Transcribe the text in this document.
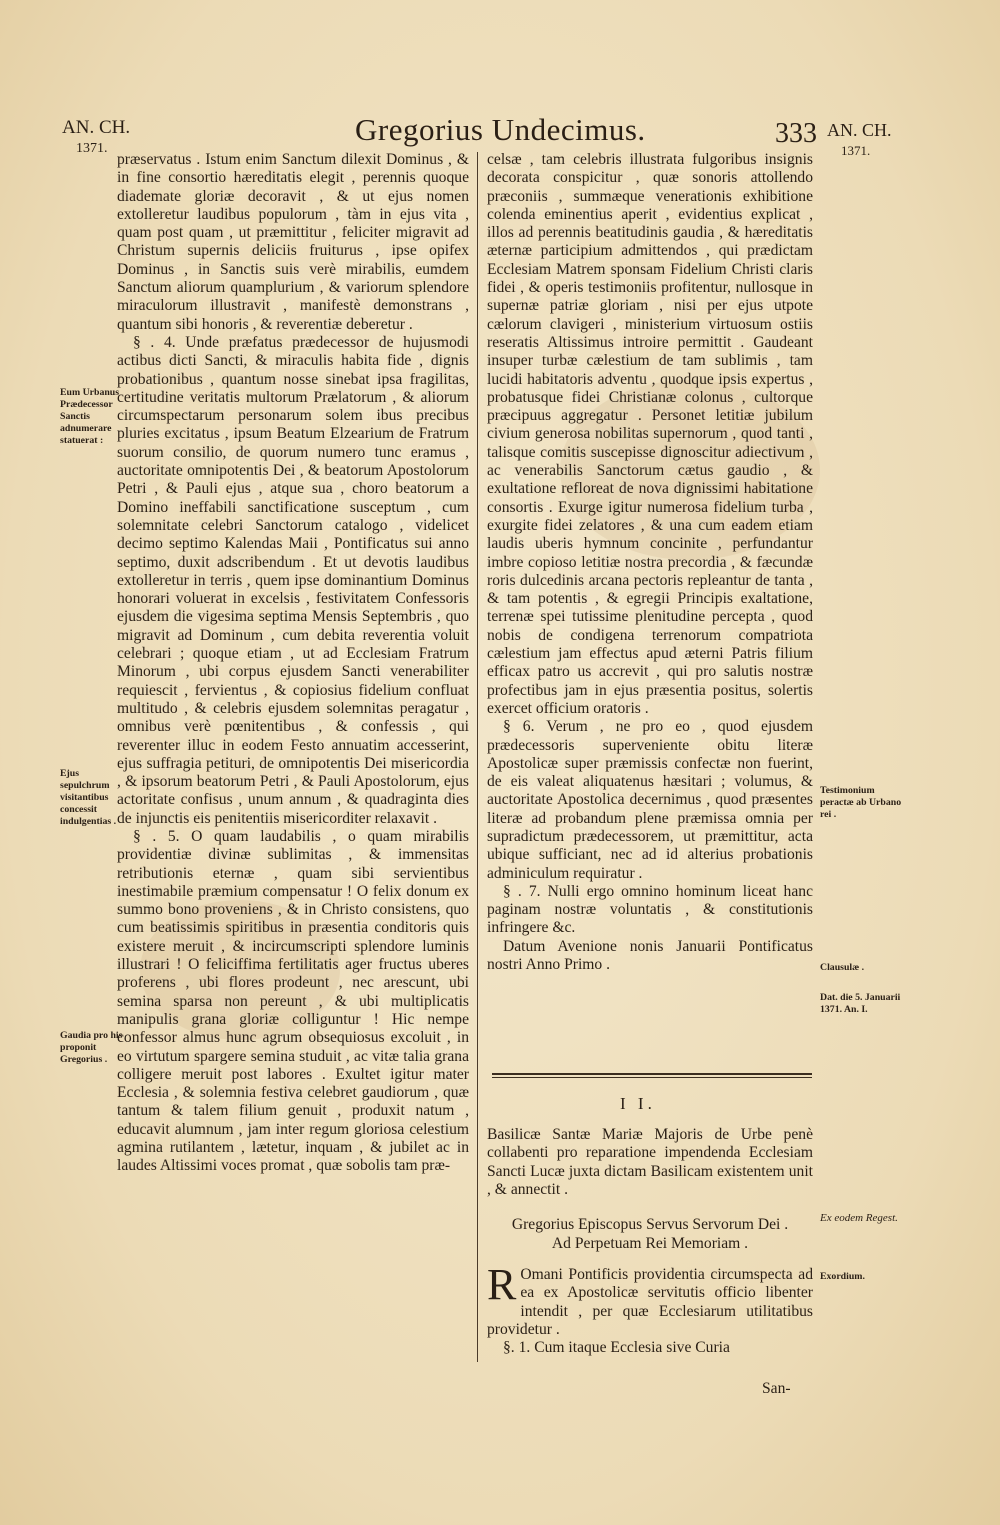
AN. CH.
1371.
Gregorius Undecimus.	333 AN. CH.
1371.

præservatus . Istum enim Sanctum dilexit Dominus , & in fine consortio hæreditatis elegit , perennis quoque diademate gloriæ decoravit , & ut ejus nomen extolleretur laudibus populorum , tàm in ejus vita , quam post quam , ut præmittitur , feliciter migravit ad Christum supernis deliciis fruiturus , ipse opifex Dominus , in Sanctis suis verè mirabilis, eumdem Sanctum aliorum quamplurium , & variorum splendore miraculorum illustravit , manifestè demonstrans , quantum sibi honoris , & reverentiæ deberetur .

§ . 4. Unde præfatus prædecessor de hujusmodi actibus dicti Sancti, & miraculis habita fide , dignis probationibus , quantum nosse sinebat ipsa fragilitas, certitudine veritatis multorum Prælatorum , & aliorum circumspectarum personarum solem ibus precibus pluries excitatus , ipsum Beatum Elzearium de Fratrum suorum consilio, de quorum numero tunc eramus , auctoritate omnipotentis Dei , & beatorum Apostolorum Petri , & Pauli ejus , atque sua , choro beatorum a Domino ineffabili sanctificatione susceptum , cum solemnitate celebri Sanctorum catalogo , videlicet decimo septimo Kalendas Maii , Pontificatus sui anno septimo, duxit adscribendum . Et ut devotis laudibus extolleretur in terris , quem ipse dominantium Dominus honorari voluerat in excelsis , festivitatem Confessoris ejusdem die vigesima septima Mensis Septembris , quo migravit ad Dominum , cum debita reverentia voluit celebrari ; quoque etiam , ut ad Ecclesiam Fratrum Minorum , ubi corpus ejusdem Sancti venerabiliter requiescit , fervientus , & copiosius fidelium confluat multitudo , & celebris ejusdem solemnitas peragatur , omnibus verè pœnitentibus , & confessis , qui reverenter illuc in eodem Festo annuatim accesserint, ejus suffragia petituri, de omnipotentis Dei misericordia , & ipsorum beatorum Petri , & Pauli Apostolorum, ejus actoritate confisus , unum annum , & quadraginta dies de injunctis eis penitentiis misericorditer relaxavit .

§ . 5. O quam laudabilis , o quam mirabilis providentiæ divinæ sublimitas , & immensitas retributionis eternæ , quam sibi servientibus inestimabile præmium compensatur ! O felix donum ex summo bono proveniens , & in Christo consistens, quo cum beatissimis spiritibus in præsentia conditoris quis existere meruit , & incircumscripti splendore luminis illustrari ! O feliciffima fertilitatis ager fructus uberes proferens , ubi flores prodeunt , nec arescunt, ubi semina sparsa non pereunt , & ubi multiplicatis manipulis grana gloriæ colliguntur ! Hic nempe confessor almus hunc agrum obsequiosus excoluit , in eo virtutum spargere semina studuit , ac vitæ talia grana colligere meruit post labores . Exultet igitur mater Ecclesia , & solemnia festiva celebret gaudiorum , quæ tantum & talem filium genuit , produxit natum , educavit alumnum , jam inter regum gloriosa celestium agmina rutilantem , lætetur, inquam , & jubilet ac in laudes Altissimi voces promat , quæ sobolis tam præ-

celsæ , tam celebris illustrata fulgoribus insignis decorata conspicitur , quæ sonoris attollendo præconiis , summæque venerationis exhibitione colenda eminentius aperit , evidentius explicat , illos ad perennis beatitudinis gaudia , & hæreditatis æternæ participium admittendos , qui prædictam Ecclesiam Matrem sponsam Fidelium Christi claris fidei , & operis testimoniis profitentur, nullosque in supernæ patriæ gloriam , nisi per ejus utpote cælorum clavigeri , ministerium virtuosum ostiis reseratis Altissimus introire permittit . Gaudeant insuper turbæ cælestium de tam sublimis , tam lucidi habitatoris adventu , quodque ipsis expertus , probatusque fidei Christianæ colonus , cultorque præcipuus aggregatur . Personet letitiæ jubilum civium generosa nobilitas supernorum , quod tanti , talisque comitis suscepisse dignoscitur adiectivum , ac venerabilis Sanctorum cætus gaudio , & exultatione refloreat de nova dignissimi habitatione consortis . Exurge igitur numerosa fidelium turba , exurgite fidei zelatores , & una cum eadem etiam laudis uberis hymnum concinite , perfundantur imbre copioso letitiæ nostra precordia , & fæcundæ roris dulcedinis arcana pectoris repleantur de tanta , & tam potentis , & egregii Principis exaltatione, terrenæ spei tutissime plenitudine percepta , quod nobis de condigena terrenorum compatriota cælestium jam effectus apud æterni Patris filium efficax patro us accrevit , qui pro salutis nostræ profectibus jam in ejus præsentia positus, solertis exercet officium oratoris .

§ 6. Verum , ne pro eo , quod ejusdem prædecessoris superveniente obitu literæ Apostolicæ super præmissis confectæ non fuerint, de eis valeat aliquatenus hæsitari ; volumus, & auctoritate Apostolica decernimus , quod præsentes literæ ad probandum plene præmissa omnia per supradictum prædecessorem, ut præmittitur, acta ubique sufficiant, nec ad id alterius probationis adminiculum requiratur .

§ . 7. Nulli ergo omnino hominum liceat hanc paginam nostræ voluntatis , & constitutionis infringere &c.

Datum Avenione nonis Januarii Pontificatus nostri Anno Primo .

I I.

Basilicæ Santæ Mariæ Majoris de Urbe penè collabenti pro reparatione impendenda Ecclesiam Sancti Lucæ juxta dictam Basilicam existentem unit , & annectit .

Gregorius Episcopus Servus Servorum Dei .
Ad Perpetuam Rei Memoriam .
R Omani Pontificis providentia circumspecta ad ea ex Apostolicæ servitutis officio libenter intendit , per quæ Ecclesiarum utilitatibus providetur .
§. 1. Cum itaque Ecclesia sive Curia
San-
Eum Urbanus Prædecessor Sanctis adnumerare statuerat :
Ejus sepulchrum visitantibus concessit indulgentias .
Gaudia pro his proponit Gregorius .
Testimonium peractæ ab Urbano rei .
Clausulæ .
Dat. die 5. Januarii 1371. An. I.
Ex eodem Regest.
Exordium.
